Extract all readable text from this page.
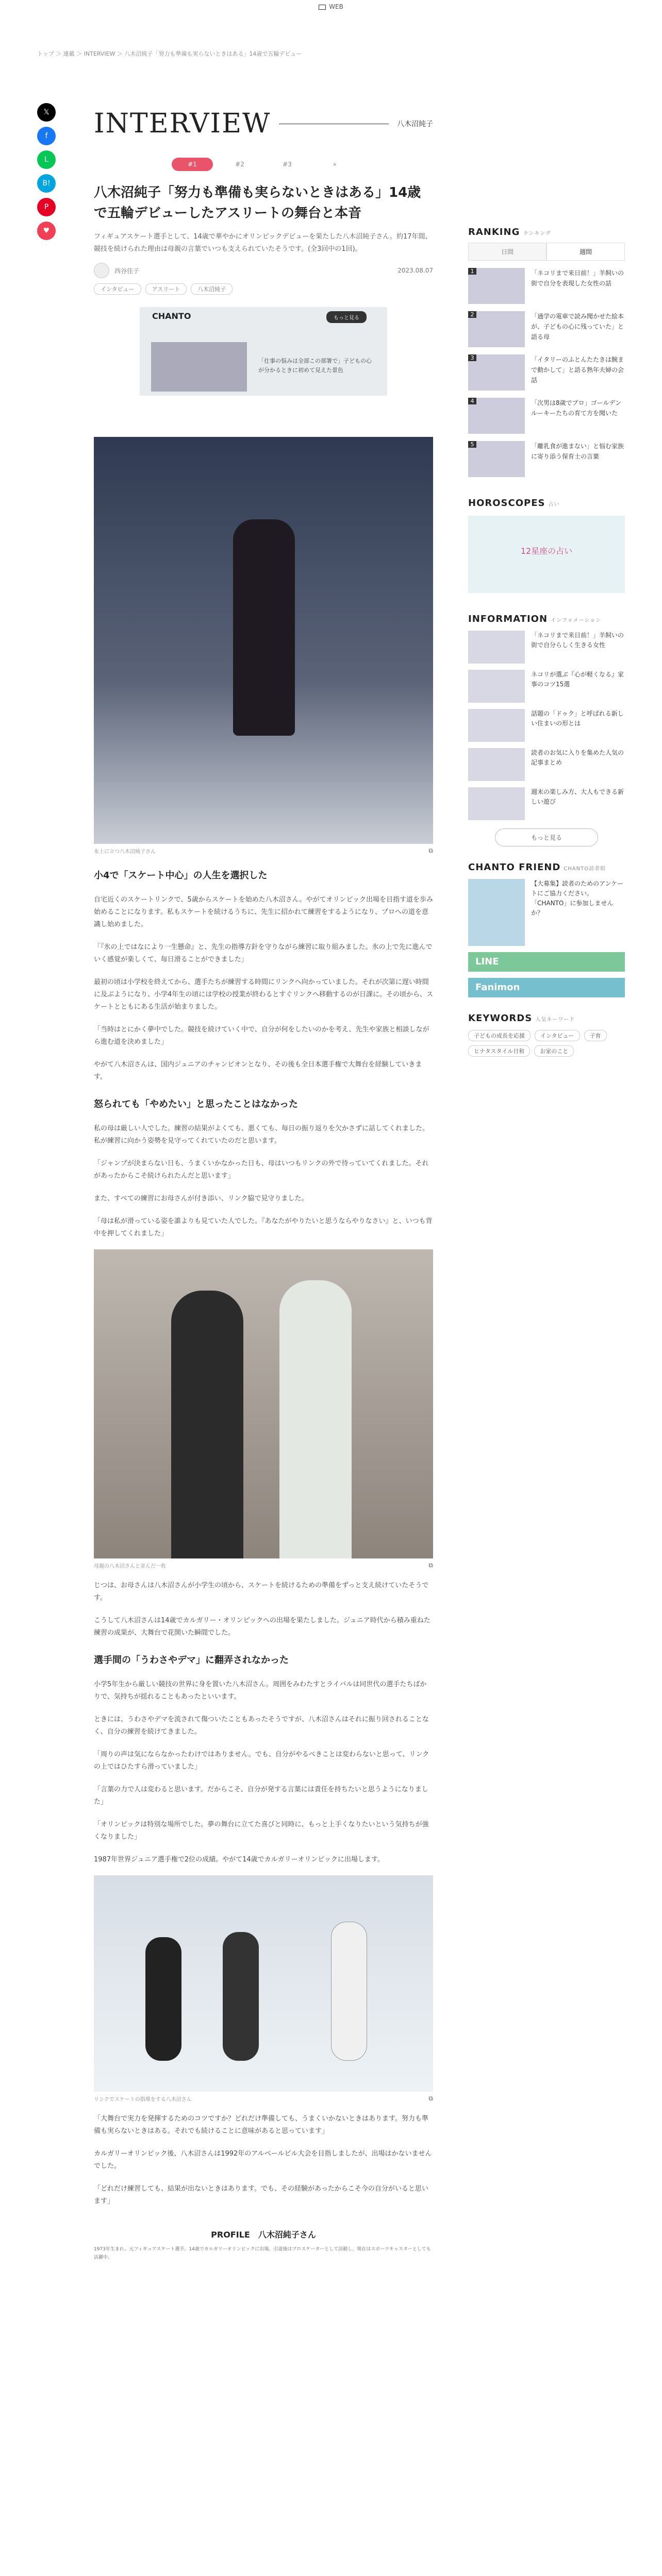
WEB
トップ ＞ 連載 ＞ INTERVIEW ＞ 八木沼純子「努力も準備も実らないときはある」14歳で五輪デビュー
𝕏
f
L
B!
P
♥
INTERVIEW	八木沼純子
#1	#2	#3	»
八木沼純子「努力も準備も実らないときはある」14歳で五輪デビューしたアスリートの舞台と本音

フィギュアスケート選手として、14歳で華やかにオリンピックデビューを果たした八木沼純子さん。約17年間、競技を続けられた理由は母親の言葉でいつも支えられていたそうです。(全3回中の1回)。

西谷佳子	2023.08.07
インタビュー	アスリート	八木沼純子
CHANTO	もっと見る
「仕事の悩みは全部この部署で」子どもの心が分かるときに初めて見えた景色
氷上に立つ八木沼純子さん	⧉
小4で「スケート中心」の人生を選択した

自宅近くのスケートリンクで、5歳からスケートを始めた八木沼さん。やがてオリンピック出場を目指す道を歩み始めることになります。私もスケートを続けるうちに、先生に招かれて練習をするようになり、プロへの道を意識し始めました。

「『氷の上ではなにより一生懸命』と、先生の指導方針を守りながら練習に取り組みました。氷の上で先に進んでいく感覚が楽しくて、毎日滑ることができました」

最初の頃は小学校を終えてから、選手たちが練習する時間にリンクへ向かっていました。それが次第に遅い時間に及ぶようになり、小学4年生の頃には学校の授業が終わるとすぐリンクへ移動するのが日課に。その頃から、スケートとともにある生活が始まりました。

「当時はとにかく夢中でした。競技を続けていく中で、自分が何をしたいのかを考え、先生や家族と相談しながら進む道を決めました」

やがて八木沼さんは、国内ジュニアのチャンピオンとなり、その後も全日本選手権で大舞台を経験していきます。

怒られても「やめたい」と思ったことはなかった

私の母は厳しい人でした。練習の結果がよくても、悪くても、毎日の振り返りを欠かさずに話してくれました。私が練習に向かう姿勢を見守ってくれていたのだと思います。

「ジャンプが決まらない日も、うまくいかなかった日も、母はいつもリンクの外で待っていてくれました。それがあったからこそ続けられたんだと思います」

また、すべての練習にお母さんが付き添い、リンク脇で見守りました。

「母は私が滑っている姿を誰よりも見ていた人でした。『あなたがやりたいと思うならやりなさい』と、いつも背中を押してくれました」

母親の八木沼さんと並んだ一枚	⧉

じつは、お母さんは八木沼さんが小学生の頃から、スケートを続けるための準備をずっと支え続けていたそうです。

こうして八木沼さんは14歳でカルガリー・オリンピックへの出場を果たしました。ジュニア時代から積み重ねた練習の成果が、大舞台で花開いた瞬間でした。

選手間の「うわさやデマ」に翻弄されなかった

小学5年生から厳しい競技の世界に身を置いた八木沼さん。周囲をみわたすとライバルは同世代の選手たちばかりで、気持ちが揺れることもあったといいます。

ときには、うわさやデマを流されて傷ついたこともあったそうですが、八木沼さんはそれに振り回されることなく、自分の練習を続けてきました。

「周りの声は気にならなかったわけではありません。でも、自分がやるべきことは変わらないと思って、リンクの上ではひたすら滑っていました」

「言葉の力で人は変わると思います。だからこそ、自分が発する言葉には責任を持ちたいと思うようになりました」

「オリンピックは特別な場所でした。夢の舞台に立てた喜びと同時に、もっと上手くなりたいという気持ちが強くなりました」

1987年世界ジュニア選手権で2位の成績。やがて14歳でカルガリーオリンピックに出場します。

リンクでスケートの指導をする八木沼さん	⧉

「大舞台で実力を発揮するためのコツですか？どれだけ準備しても、うまくいかないときはあります。努力も準備も実らないときはある。それでも続けることに意味があると思っています」

カルガリーオリンピック後、八木沼さんは1992年のアルベールビル大会を目指しましたが、出場はかないませんでした。

「どれだけ練習しても、結果が出ないときはあります。でも、その経験があったからこそ今の自分がいると思います」

PROFILE　八木沼純子さん

1973年生まれ。元フィギュアスケート選手。14歳でカルガリーオリンピックに出場。引退後はプロスケーターとして活動し、現在はスポーツキャスターとしても活躍中。

RANKING ランキング
日間	週間
1	「ネコリまで来日前！」羊飼いの街で自分を表現した女性の話
2	「通学の電車で読み聞かせた絵本が、子どもの心に残っていた」と語る母
3	「イタリーのふとんたたきは腕まで動かして」と語る熟年夫婦の会話
4	「次男は8歳でプロ」ゴールデンルーキーたちの育て方を聞いた
5	「離乳食が進まない」と悩む家族に寄り添う保育士の言葉
HOROSCOPES 占い
12星座の占い
INFORMATION インフォメーション
「ネコリまで来日前！」羊飼いの街で自分らしく生きる女性
ネコリが選ぶ『心が軽くなる』家事のコツ15選
話題の「ドゥク」と呼ばれる新しい住まいの形とは
読者のお気に入りを集めた人気の記事まとめ
週末の楽しみ方、大人もできる新しい遊び
もっと見る
CHANTO FRIEND CHANTO読者組
【大募集】読者のためのアンケートにご協力ください。「CHANTO」に参加しませんか？
LINE
Fanimon
KEYWORDS 人気キーワード
子どもの成長を応援	インタビュー	子育
ヒナタスタイル日和	お家のこと
